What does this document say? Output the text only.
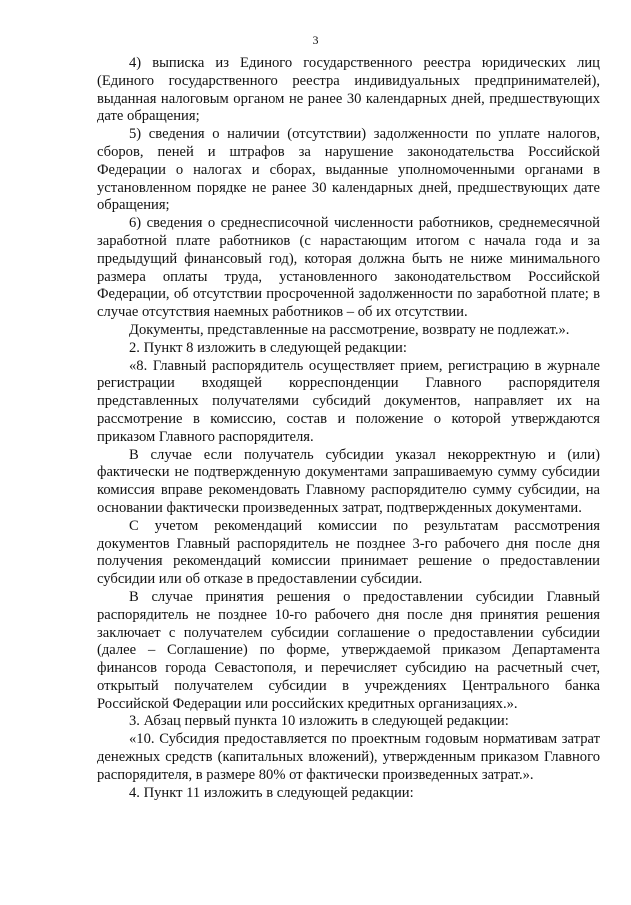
3

4) выписка из Единого государственного реестра юридических лиц (Единого государственного реестра индивидуальных предпринимателей), выданная налоговым органом не ранее 30 календарных дней, предшествующих дате обращения;

5) сведения о наличии (отсутствии) задолженности по уплате налогов, сборов, пеней и штрафов за нарушение законодательства Российской Федерации о налогах и сборах, выданные уполномоченными органами в установленном порядке не ранее 30 календарных дней, предшествующих дате обращения;

6) сведения о среднесписочной численности работников, среднемесячной заработной плате работников (с нарастающим итогом с начала года и за предыдущий финансовый год), которая должна быть не ниже минимального размера оплаты труда, установленного законодательством Российской Федерации, об отсутствии просроченной задолженности по заработной плате; в случае отсутствия наемных работников – об их отсутствии.

Документы, представленные на рассмотрение, возврату не подлежат.».

2. Пункт 8 изложить в следующей редакции:

«8. Главный распорядитель осуществляет прием, регистрацию в журнале регистрации входящей корреспонденции Главного распорядителя представленных получателями субсидий документов, направляет их на рассмотрение в комиссию, состав и положение о которой утверждаются приказом Главного распорядителя.

В случае если получатель субсидии указал некорректную и (или) фактически не подтвержденную документами запрашиваемую сумму субсидии комиссия вправе рекомендовать Главному распорядителю сумму субсидии, на основании фактически произведенных затрат, подтвержденных документами.

С учетом рекомендаций комиссии по результатам рассмотрения документов Главный распорядитель не позднее 3-го рабочего дня после дня получения рекомендаций комиссии принимает решение о предоставлении субсидии или об отказе в предоставлении субсидии.

В случае принятия решения о предоставлении субсидии Главный распорядитель не позднее 10-го рабочего дня после дня принятия решения заключает с получателем субсидии соглашение о предоставлении субсидии (далее – Соглашение) по форме, утверждаемой приказом Департамента финансов города Севастополя, и перечисляет субсидию на расчетный счет, открытый получателем субсидии в учреждениях Центрального банка Российской Федерации или российских кредитных организациях.».

3. Абзац первый пункта 10 изложить в следующей редакции:

«10. Субсидия предоставляется по проектным годовым нормативам затрат денежных средств (капитальных вложений), утвержденным приказом Главного распорядителя, в размере 80% от фактически произведенных затрат.».

4. Пункт 11 изложить в следующей редакции:
